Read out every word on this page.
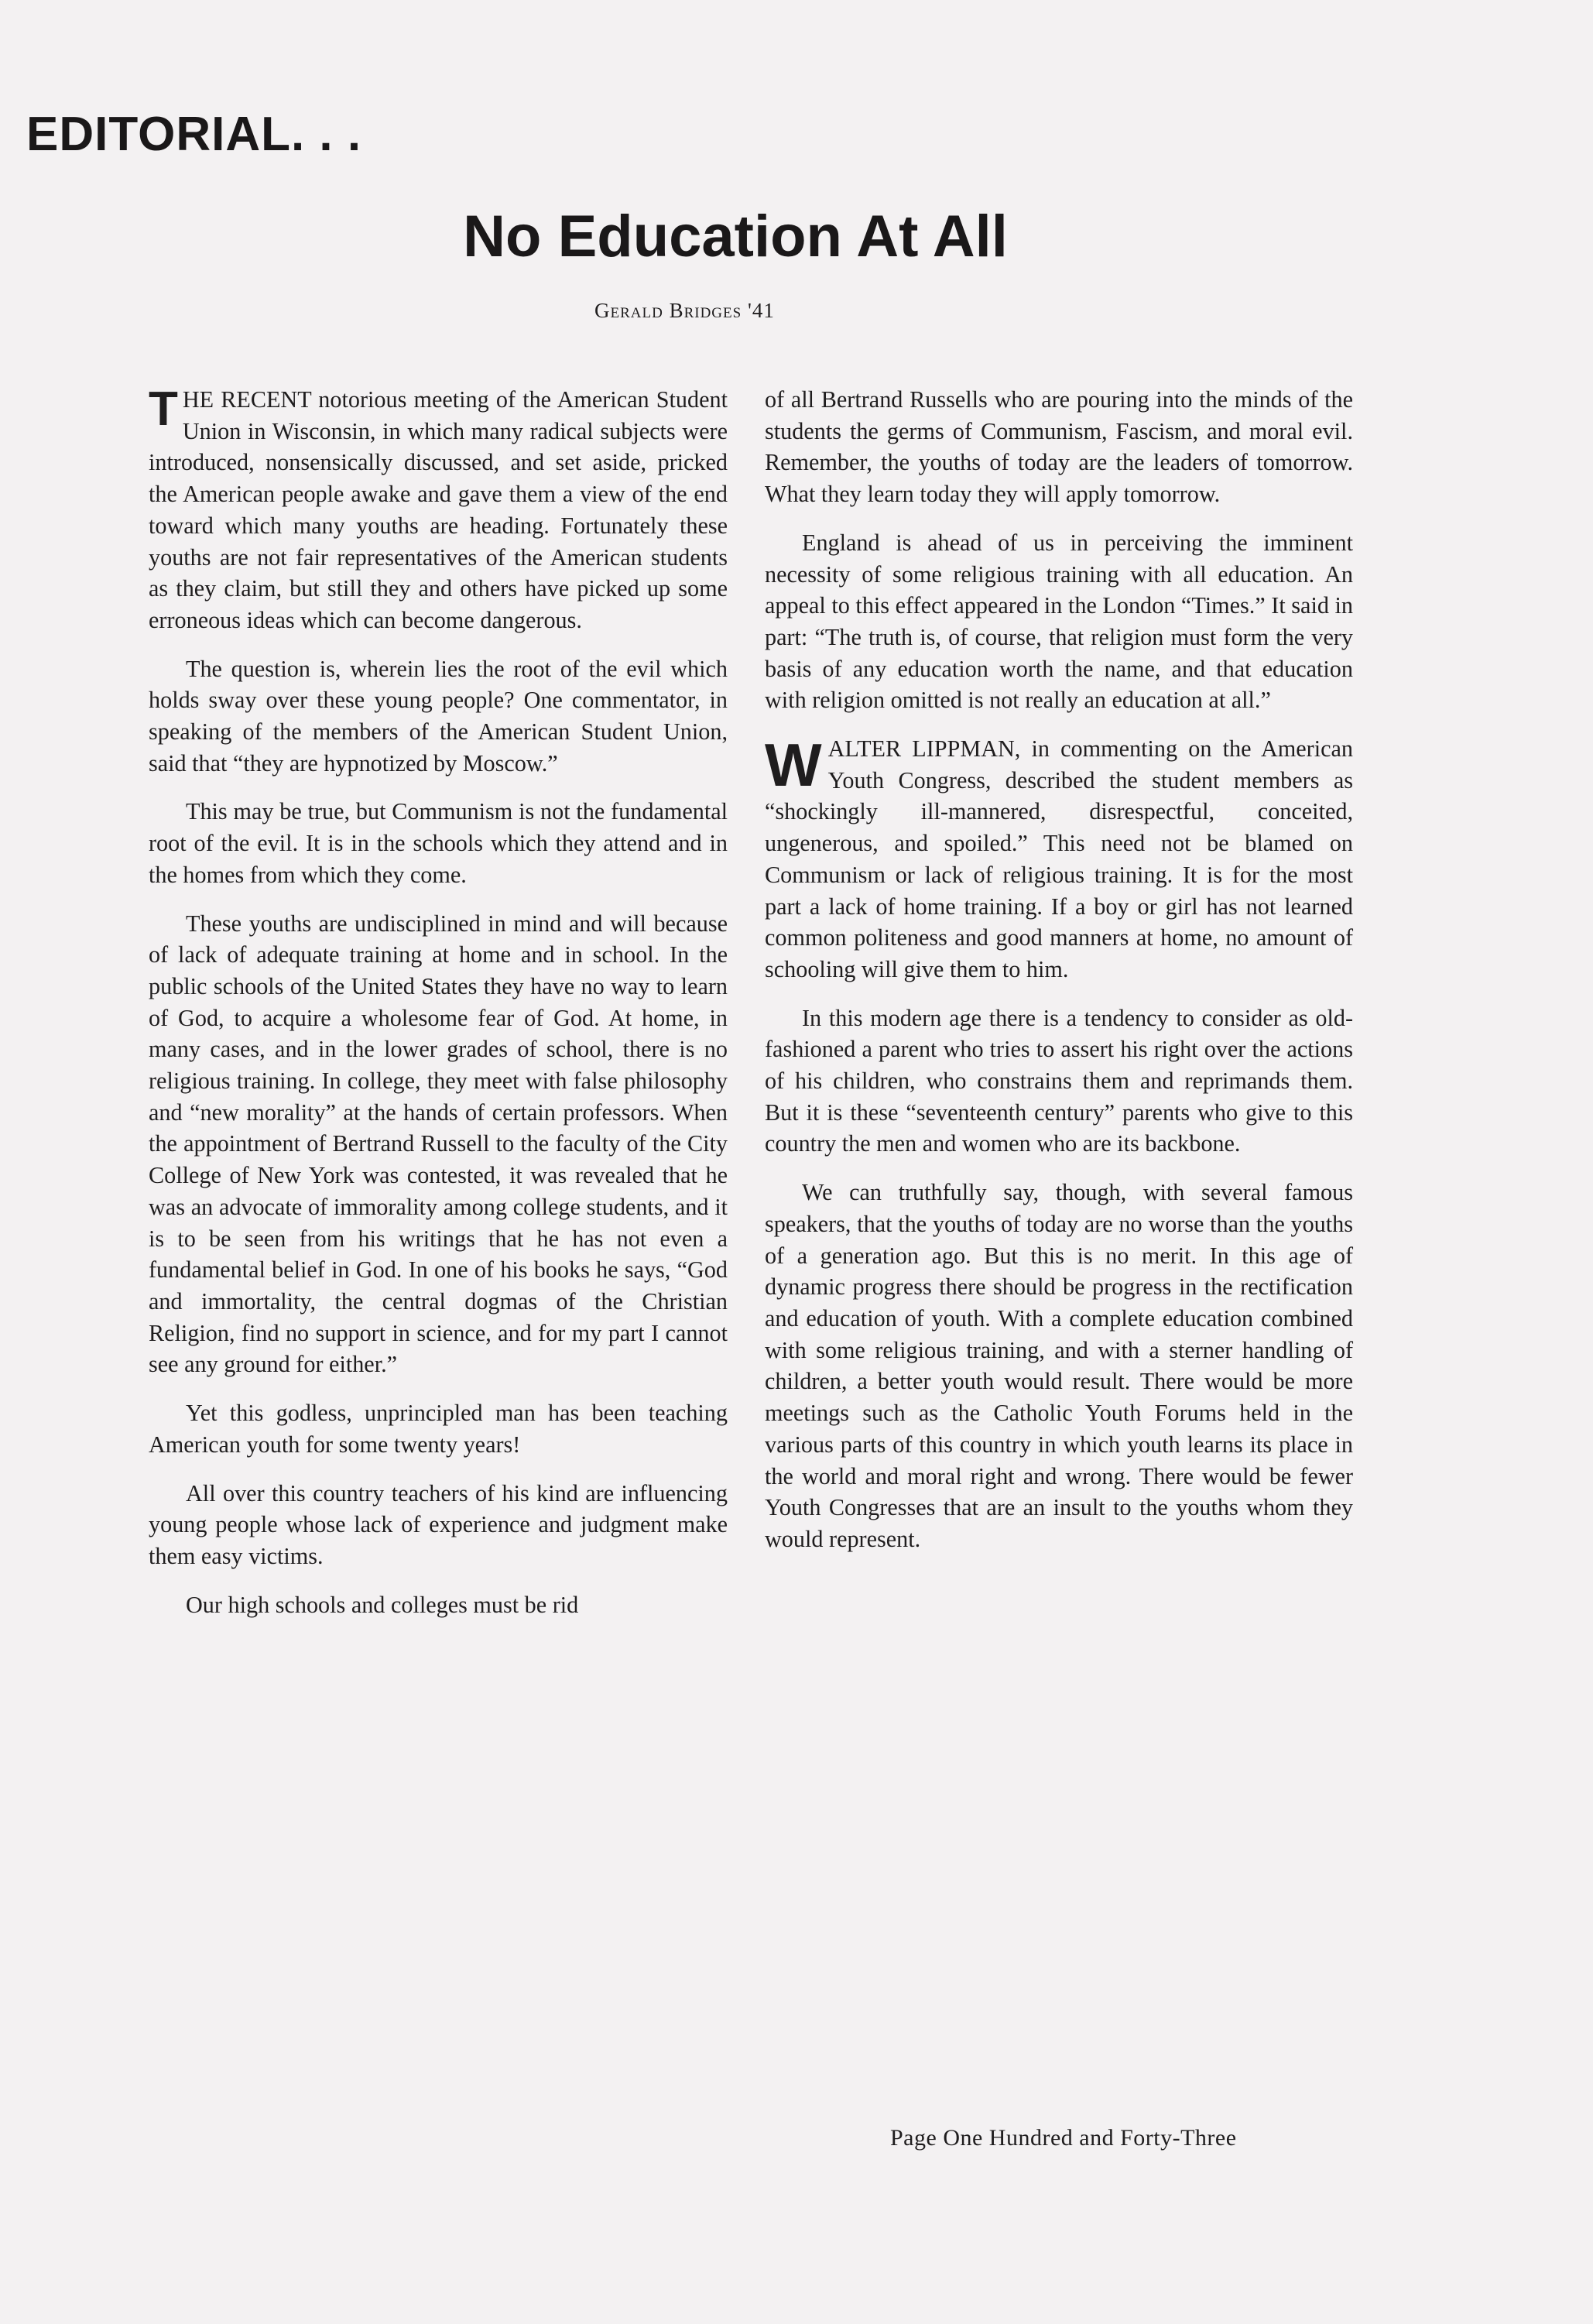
EDITORIAL. . .
No Education At All

Gerald Bridges '41

THE RECENT notorious meeting of the American Student Union in Wisconsin, in which many radical subjects were introduced, nonsensically discussed, and set aside, pricked the American people awake and gave them a view of the end toward which many youths are heading. Fortunately these youths are not fair representatives of the American students as they claim, but still they and others have picked up some erroneous ideas which can become dangerous.

The question is, wherein lies the root of the evil which holds sway over these young people? One commentator, in speaking of the members of the American Student Union, said that “they are hypnotized by Moscow.”

This may be true, but Communism is not the fundamental root of the evil. It is in the schools which they attend and in the homes from which they come.

These youths are undisciplined in mind and will because of lack of adequate training at home and in school. In the public schools of the United States they have no way to learn of God, to acquire a wholesome fear of God. At home, in many cases, and in the lower grades of school, there is no religious training. In college, they meet with false philosophy and “new morality” at the hands of certain professors. When the appointment of Bertrand Russell to the faculty of the City College of New York was contested, it was revealed that he was an advocate of immorality among college students, and it is to be seen from his writings that he has not even a fundamental belief in God. In one of his books he says, “God and immortality, the central dogmas of the Christian Religion, find no support in science, and for my part I cannot see any ground for either.”

Yet this godless, unprincipled man has been teaching American youth for some twenty years!

All over this country teachers of his kind are influencing young people whose lack of experience and judgment make them easy victims.

Our high schools and colleges must be rid

of all Bertrand Russells who are pouring into the minds of the students the germs of Communism, Fascism, and moral evil. Remember, the youths of today are the leaders of tomorrow. What they learn today they will apply tomorrow.

England is ahead of us in perceiving the imminent necessity of some religious training with all education. An appeal to this effect appeared in the London “Times.” It said in part: “The truth is, of course, that religion must form the very basis of any education worth the name, and that education with religion omitted is not really an education at all.”

WALTER LIPPMAN, in commenting on the American Youth Congress, described the student members as “shockingly ill-mannered, disrespectful, conceited, ungenerous, and spoiled.” This need not be blamed on Communism or lack of religious training. It is for the most part a lack of home training. If a boy or girl has not learned common politeness and good manners at home, no amount of schooling will give them to him.

In this modern age there is a tendency to consider as old-fashioned a parent who tries to assert his right over the actions of his children, who constrains them and reprimands them. But it is these “seventeenth century” parents who give to this country the men and women who are its backbone.

We can truthfully say, though, with several famous speakers, that the youths of today are no worse than the youths of a generation ago. But this is no merit. In this age of dynamic progress there should be progress in the rectification and education of youth. With a complete education combined with some religious training, and with a sterner handling of children, a better youth would result. There would be more meetings such as the Catholic Youth Forums held in the various parts of this country in which youth learns its place in the world and moral right and wrong. There would be fewer Youth Congresses that are an insult to the youths whom they would represent.

Page One Hundred and Forty-Three
